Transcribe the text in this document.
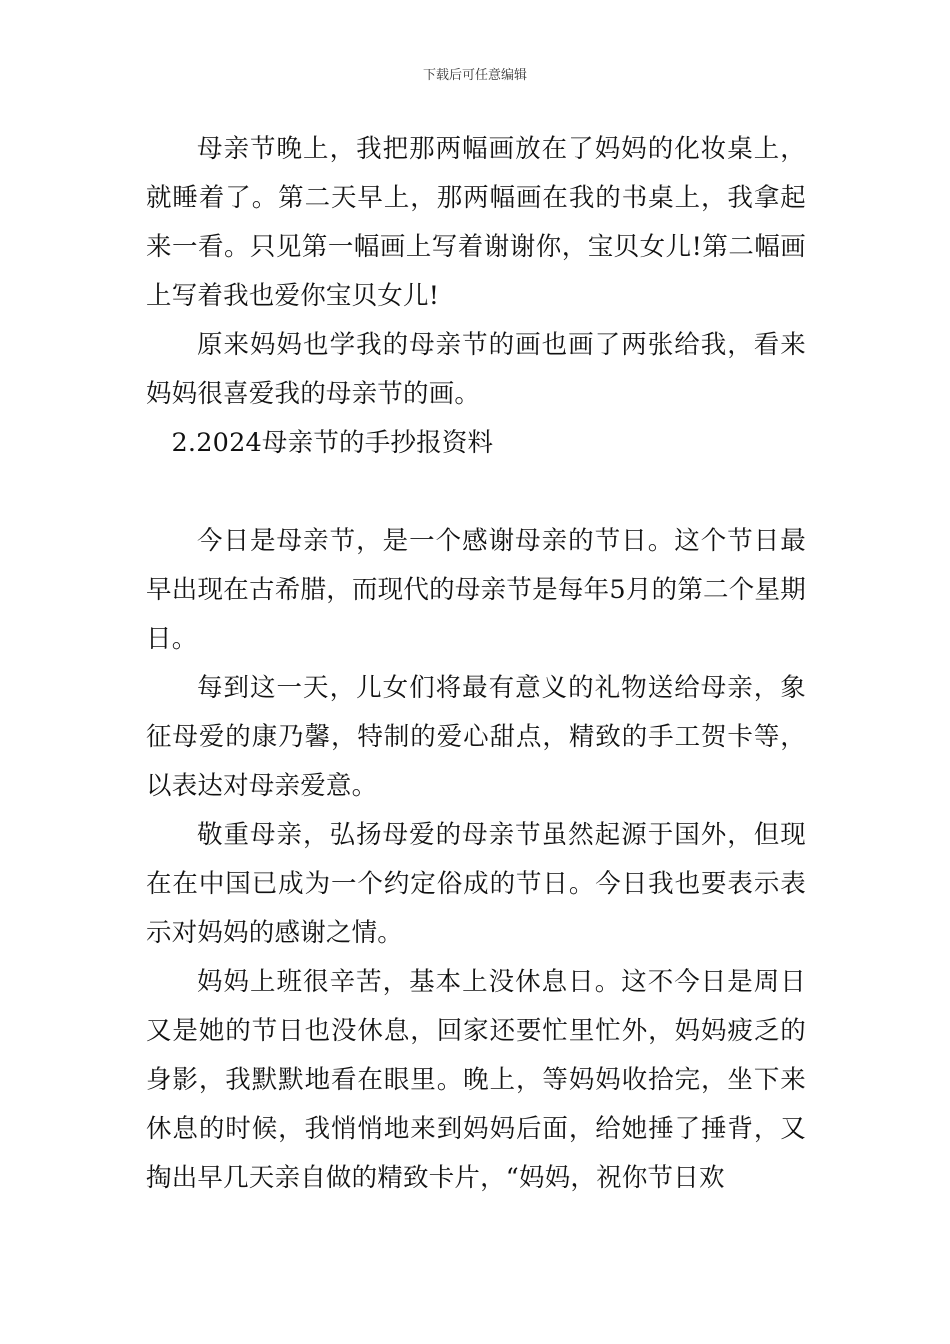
下载后可任意编辑

母亲节晚上，我把那两幅画放在了妈妈的化妆桌上，就睡着了。第二天早上，那两幅画在我的书桌上，我拿起来一看。只见第一幅画上写着谢谢你，宝贝女儿!第二幅画上写着我也爱你宝贝女儿!

原来妈妈也学我的母亲节的画也画了两张给我，看来妈妈很喜爱我的母亲节的画。

2.2024母亲节的手抄报资料

今日是母亲节，是一个感谢母亲的节日。这个节日最早出现在古希腊，而现代的母亲节是每年5月的第二个星期日。

每到这一天，儿女们将最有意义的礼物送给母亲，象征母爱的康乃馨，特制的爱心甜点，精致的手工贺卡等，以表达对母亲爱意。

敬重母亲，弘扬母爱的母亲节虽然起源于国外，但现在在中国已成为一个约定俗成的节日。今日我也要表示表示对妈妈的感谢之情。

妈妈上班很辛苦，基本上没休息日。这不今日是周日又是她的节日也没休息，回家还要忙里忙外，妈妈疲乏的身影，我默默地看在眼里。晚上，等妈妈收拾完，坐下来休息的时候，我悄悄地来到妈妈后面，给她捶了捶背，又掏出早几天亲自做的精致卡片，“妈妈，祝你节日欢
